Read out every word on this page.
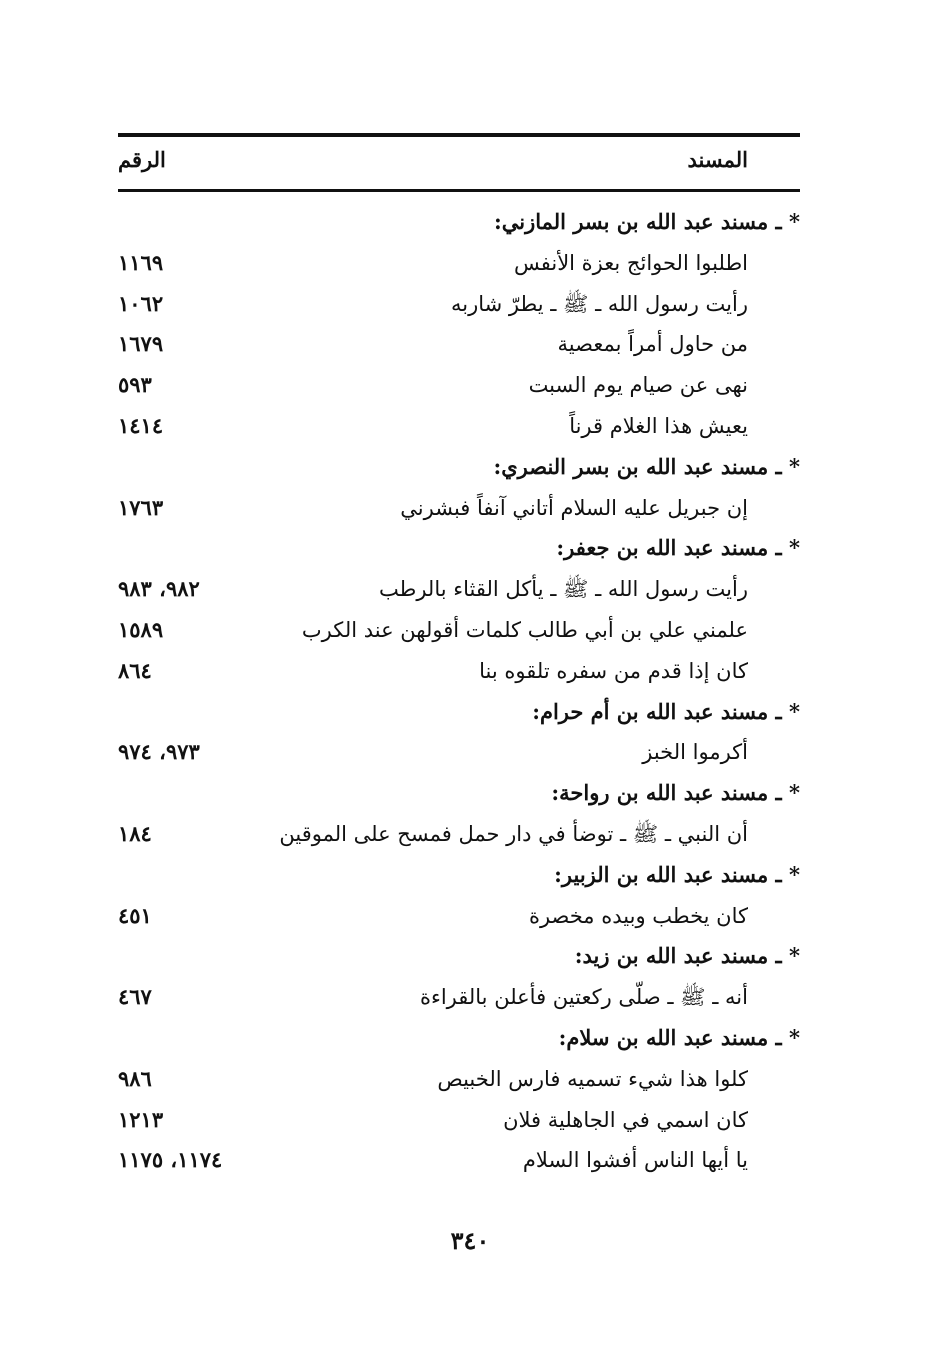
المسند
الرقم
* ـ مسند عبد الله بن بسر المازني:
اطلبوا الحوائج بعزة الأنفس
١١٦٩
رأيت رسول الله ـ ﷺ ـ يطرّ شاربه
١٠٦٢
من حاول أمراً بمعصية
١٦٧٩
نهى عن صيام يوم السبت
٥٩٣
يعيش هذا الغلام قرناً
١٤١٤
* ـ مسند عبد الله بن بسر النصري:
إن جبريل عليه السلام أتاني آنفاً فبشرني
١٧٦٣
* ـ مسند عبد الله بن جعفر:
رأيت رسول الله ـ ﷺ ـ يأكل القثاء بالرطب
٩٨٢، ٩٨٣
علمني علي بن أبي طالب كلمات أقولهن عند الكرب
١٥٨٩
كان إذا قدم من سفره تلقوه بنا
٨٦٤
* ـ مسند عبد الله بن أم حرام:
أكرموا الخبز
٩٧٣، ٩٧٤
* ـ مسند عبد الله بن رواحة:
أن النبي ـ ﷺ ـ توضأ في دار حمل فمسح على الموقين
١٨٤
* ـ مسند عبد الله بن الزبير:
كان يخطب وبيده مخصرة
٤٥١
* ـ مسند عبد الله بن زيد:
أنه ـ ﷺ ـ صلّى ركعتين فأعلن بالقراءة
٤٦٧
* ـ مسند عبد الله بن سلام:
كلوا هذا شيء تسميه فارس الخبيص
٩٨٦
كان اسمي في الجاهلية فلان
١٢١٣
يا أيها الناس أفشوا السلام
١١٧٤، ١١٧٥
٣٤٠
